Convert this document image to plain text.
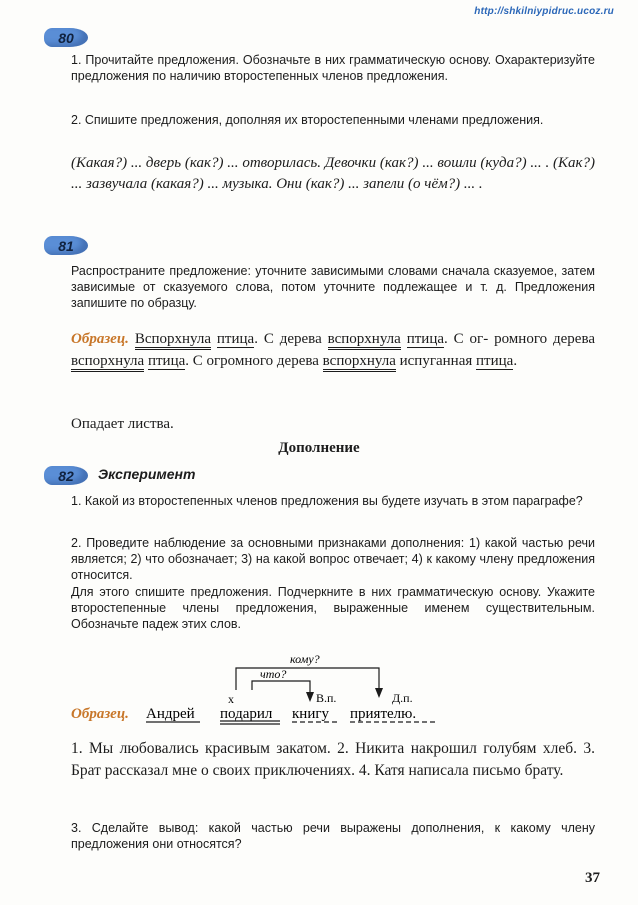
http://shkilniypidruc.ucoz.ru
80
1. Прочитайте предложения. Обозначьте в них грамматическую основу. Охарактеризуйте предложения по наличию второстепенных членов предложения.
2. Спишите предложения, дополняя их второстепенными членами предложения.
(Какая?) ... дверь (как?) ... отворилась. Девочки (как?) ... вошли (куда?) ... . (Как?) ... зазвучала (какая?) ... музыка. Они (как?) ... запели (о чём?) ... .
81
Распространите предложение: уточните зависимыми словами сначала сказуемое, затем зависимые от сказуемого слова, потом уточните подлежащее и т. д. Предложения запишите по образцу.
Образец. Вспорхнула птица. С дерева вспорхнула птица. С ог- ромного дерева вспорхнула птица. С огромного дерева вспорхнула испуганная птица.
Опадает листва.
Дополнение
82 Эксперимент
1. Какой из второстепенных членов предложения вы будете изучать в этом параграфе?
2. Проведите наблюдение за основными признаками дополнения: 1) какой частью речи является; 2) что обозначает; 3) на какой вопрос отвечает; 4) к какому члену предложения относится.
Для этого спишите предложения. Подчеркните в них грамматическую основу. Укажите второстепенные члены предложения, выраженные именем существительным. Обозначьте падеж этих слов.
кому?
что?
x	В.п.	Д.п.
Образец. Андрей подарил книгу приятелю.
1. Мы любовались красивым закатом. 2. Никита накрошил голубям хлеб. 3. Брат рассказал мне о своих приключениях. 4. Катя написала письмо брату.
3. Сделайте вывод: какой частью речи выражены дополнения, к какому члену предложения они относятся?
37
